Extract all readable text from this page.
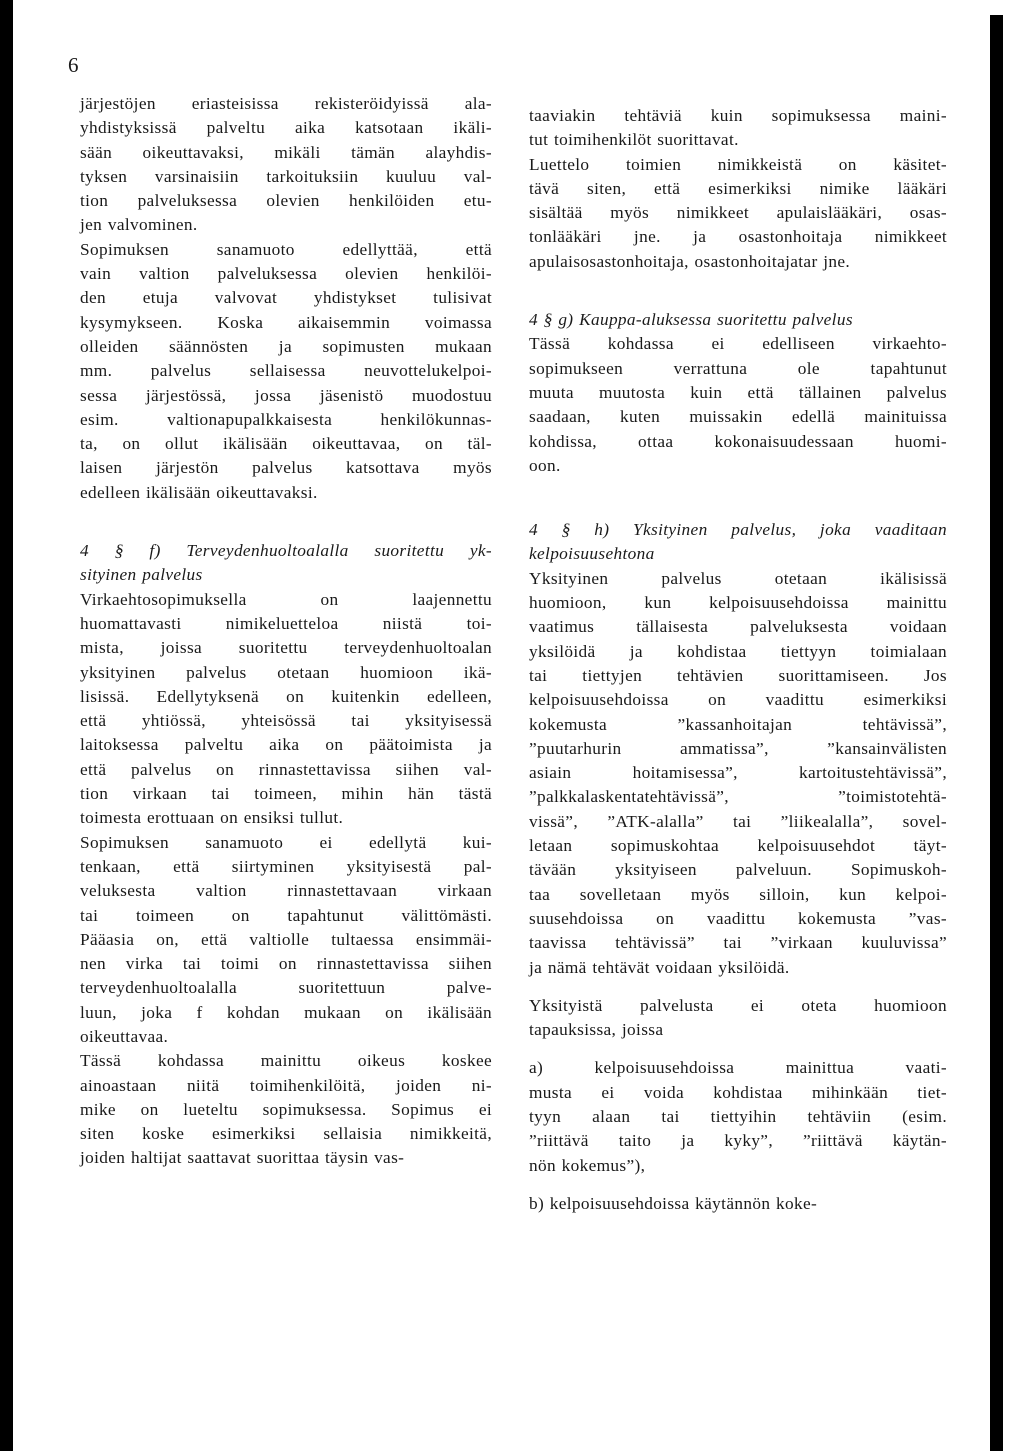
6
järjestöjen eriasteisissa rekisteröidyissä ala-
yhdistyksissä palveltu aika katsotaan ikäli-
sään oikeuttavaksi, mikäli tämän alayhdis-
tyksen varsinaisiin tarkoituksiin kuuluu val-
tion palveluksessa olevien henkilöiden etu-
jen valvominen.
Sopimuksen sanamuoto edellyttää, että
vain valtion palveluksessa olevien henkilöi-
den etuja valvovat yhdistykset tulisivat
kysymykseen. Koska aikaisemmin voimassa
olleiden säännösten ja sopimusten mukaan
mm. palvelus sellaisessa neuvottelukelpoi-
sessa järjestössä, jossa jäsenistö muodostuu
esim. valtionapupalkkaisesta henkilökunnas-
ta, on ollut ikälisään oikeuttavaa, on täl-
laisen järjestön palvelus katsottava myös
edelleen ikälisään oikeuttavaksi.
4 § f) Terveydenhuoltoalalla suoritettu yk-
sityinen palvelus
Virkaehtosopimuksella on laajennettu
huomattavasti nimikeluetteloa niistä toi-
mista, joissa suoritettu terveydenhuoltoalan
yksityinen palvelus otetaan huomioon ikä-
lisissä. Edellytyksenä on kuitenkin edelleen,
että yhtiössä, yhteisössä tai yksityisessä
laitoksessa palveltu aika on päätoimista ja
että palvelus on rinnastettavissa siihen val-
tion virkaan tai toimeen, mihin hän tästä
toimesta erottuaan on ensiksi tullut.
Sopimuksen sanamuoto ei edellytä kui-
tenkaan, että siirtyminen yksityisestä pal-
veluksesta valtion rinnastettavaan virkaan
tai toimeen on tapahtunut välittömästi.
Pääasia on, että valtiolle tultaessa ensimmäi-
nen virka tai toimi on rinnastettavissa siihen
terveydenhuoltoalalla suoritettuun palve-
luun, joka f kohdan mukaan on ikälisään
oikeuttavaa.
Tässä kohdassa mainittu oikeus koskee
ainoastaan niitä toimihenkilöitä, joiden ni-
mike on lueteltu sopimuksessa. Sopimus ei
siten koske esimerkiksi sellaisia nimikkeitä,
joiden haltijat saattavat suorittaa täysin vas-
taaviakin tehtäviä kuin sopimuksessa maini-
tut toimihenkilöt suorittavat.
Luettelo toimien nimikkeistä on käsitet-
tävä siten, että esimerkiksi nimike lääkäri
sisältää myös nimikkeet apulaislääkäri, osas-
tonlääkäri jne. ja osastonhoitaja nimikkeet
apulaisosastonhoitaja, osastonhoitajatar jne.
4 § g) Kauppa-aluksessa suoritettu palvelus
Tässä kohdassa ei edelliseen virkaehto-
sopimukseen verrattuna ole tapahtunut
muuta muutosta kuin että tällainen palvelus
saadaan, kuten muissakin edellä mainituissa
kohdissa, ottaa kokonaisuudessaan huomi-
oon.
4 § h) Yksityinen palvelus, joka vaaditaan
kelpoisuusehtona
Yksityinen palvelus otetaan ikälisissä
huomioon, kun kelpoisuusehdoissa mainittu
vaatimus tällaisesta palveluksesta voidaan
yksilöidä ja kohdistaa tiettyyn toimialaan
tai tiettyjen tehtävien suorittamiseen. Jos
kelpoisuusehdoissa on vaadittu esimerkiksi
kokemusta ”kassanhoitajan tehtävissä”,
”puutarhurin ammatissa”, ”kansainvälisten
asiain hoitamisessa”, kartoitustehtävissä”,
”palkkalaskentatehtävissä”, ”toimistotehtä-
vissä”, ”ATK-alalla” tai ”liikealalla”, sovel-
letaan sopimuskohtaa kelpoisuusehdot täyt-
tävään yksityiseen palveluun. Sopimuskoh-
taa sovelletaan myös silloin, kun kelpoi-
suusehdoissa on vaadittu kokemusta ”vas-
taavissa tehtävissä” tai ”virkaan kuuluvissa”
ja nämä tehtävät voidaan yksilöidä.
Yksityistä palvelusta ei oteta huomioon
tapauksissa, joissa
a) kelpoisuusehdoissa mainittua vaati-
musta ei voida kohdistaa mihinkään tiet-
tyyn alaan tai tiettyihin tehtäviin (esim.
”riittävä taito ja kyky”, ”riittävä käytän-
nön kokemus”),
b) kelpoisuusehdoissa käytännön koke-
